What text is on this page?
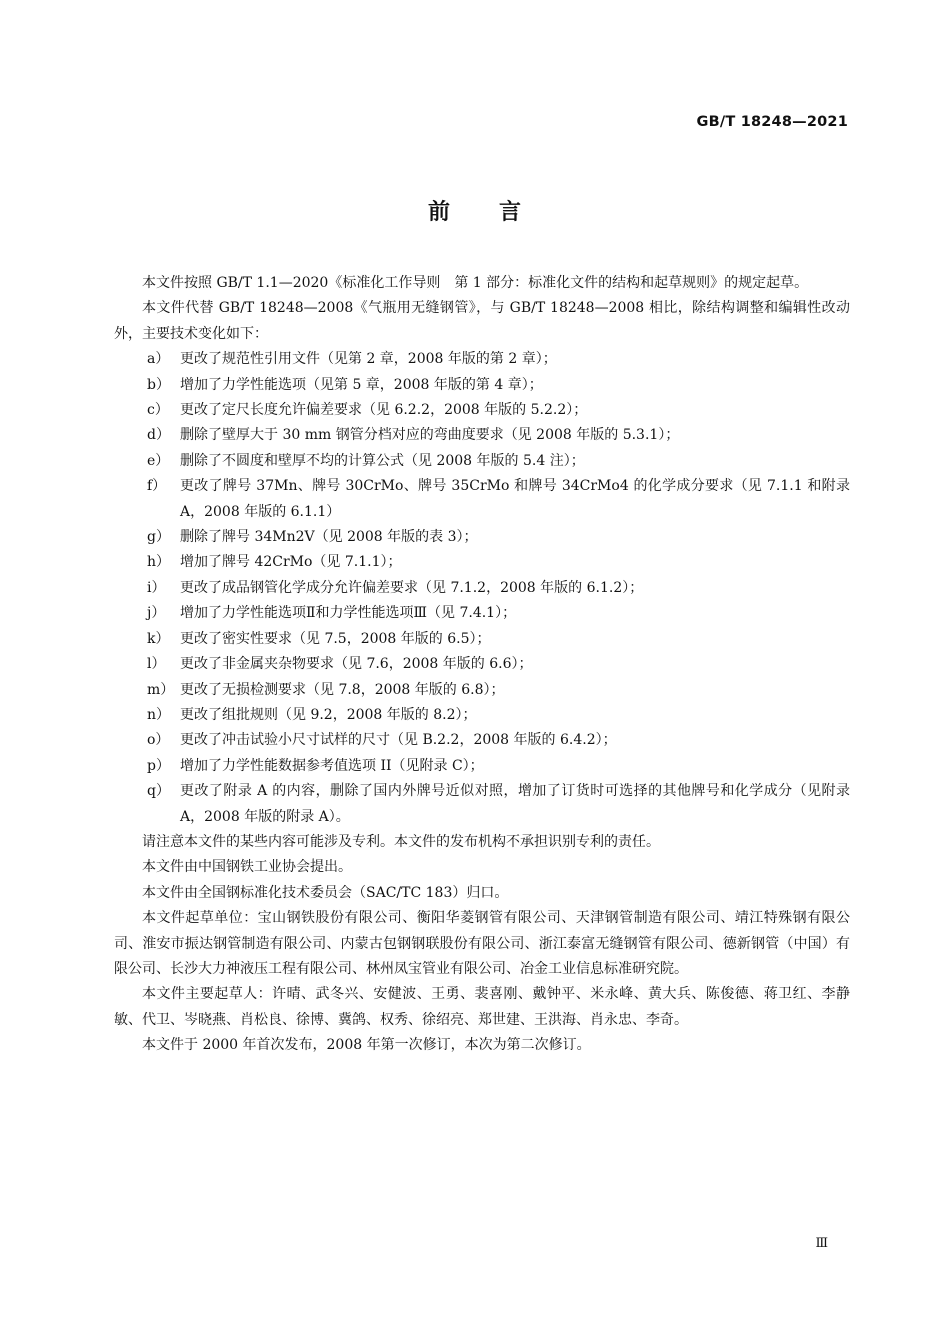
GB/T 18248—2021
前 言

本文件按照 GB/T 1.1—2020《标准化工作导则　第 1 部分：标准化文件的结构和起草规则》的规定起草。

本文件代替 GB/T 18248—2008《气瓶用无缝钢管》，与 GB/T 18248—2008 相比，除结构调整和编辑性改动外，主要技术变化如下：

a） 更改了规范性引用文件（见第 2 章，2008 年版的第 2 章）；
b） 增加了力学性能选项（见第 5 章，2008 年版的第 4 章）；
c） 更改了定尺长度允许偏差要求（见 6.2.2，2008 年版的 5.2.2）；
d） 删除了壁厚大于 30 mm 钢管分档对应的弯曲度要求（见 2008 年版的 5.3.1）；
e） 删除了不圆度和壁厚不均的计算公式（见 2008 年版的 5.4 注）；
f） 更改了牌号 37Mn、牌号 30CrMo、牌号 35CrMo 和牌号 34CrMo4 的化学成分要求（见 7.1.1 和附录 A，2008 年版的 6.1.1）
g） 删除了牌号 34Mn2V（见 2008 年版的表 3）；
h） 增加了牌号 42CrMo（见 7.1.1）；
i） 更改了成品钢管化学成分允许偏差要求（见 7.1.2，2008 年版的 6.1.2）；
j） 增加了力学性能选项Ⅱ和力学性能选项Ⅲ（见 7.4.1）；
k） 更改了密实性要求（见 7.5，2008 年版的 6.5）；
l） 更改了非金属夹杂物要求（见 7.6，2008 年版的 6.6）；
m） 更改了无损检测要求（见 7.8，2008 年版的 6.8）；
n） 更改了组批规则（见 9.2，2008 年版的 8.2）；
o） 更改了冲击试验小尺寸试样的尺寸（见 B.2.2，2008 年版的 6.4.2）；
p） 增加了力学性能数据参考值选项 II（见附录 C）；
q） 更改了附录 A 的内容，删除了国内外牌号近似对照，增加了订货时可选择的其他牌号和化学成分（见附录 A，2008 年版的附录 A）。

请注意本文件的某些内容可能涉及专利。本文件的发布机构不承担识别专利的责任。

本文件由中国钢铁工业协会提出。

本文件由全国钢标准化技术委员会（SAC/TC 183）归口。

本文件起草单位：宝山钢铁股份有限公司、衡阳华菱钢管有限公司、天津钢管制造有限公司、靖江特殊钢有限公司、淮安市振达钢管制造有限公司、内蒙古包钢钢联股份有限公司、浙江泰富无缝钢管有限公司、德新钢管（中国）有限公司、长沙大力神液压工程有限公司、林州凤宝管业有限公司、冶金工业信息标准研究院。

本文件主要起草人：许晴、武冬兴、安健波、王勇、裴喜刚、戴钟平、米永峰、黄大兵、陈俊德、蒋卫红、李静敏、代卫、岑晓燕、肖松良、徐博、冀鸽、权秀、徐绍亮、郑世建、王洪海、肖永忠、李奇。

本文件于 2000 年首次发布，2008 年第一次修订，本次为第二次修订。

Ⅲ
